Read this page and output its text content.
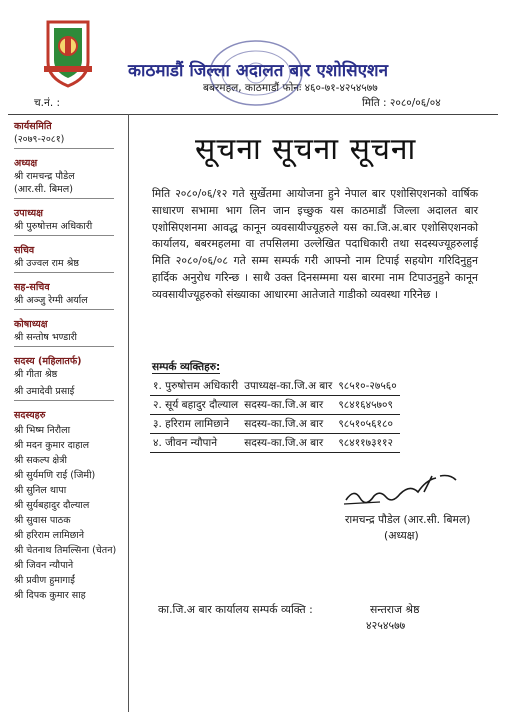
काठमाडौं जिल्ला अदालत बार एशोसिएशन
बबरमहल, काठमाडौं फोनः ४६०-७१-४२५४५७७
च.नं. :	मिति : २०८०/०६/०४
कार्यसमिति
(२०७९-२०८१)
अध्यक्ष
श्री रामचन्द्र पौडेल
(आर.सी. बिमल)
उपाध्यक्ष
श्री पुरुषोत्तम अधिकारी
सचिव
श्री उज्वल राम श्रेष्ठ
सह-सचिव
श्री अञ्जु रेग्मी अर्याल
कोषाध्यक्ष
श्री सन्तोष भण्डारी
सदस्य (महिलातर्फ)
श्री गीता श्रेष्ठ
श्री उमादेवी प्रसाई
सदस्यहरु
श्री भिष्म निरौला
श्री मदन कुमार दाहाल
श्री सकल्प क्षेत्री
श्री सुर्यमणि राई (जिमी)
श्री सुनिल थापा
श्री सुर्यबहादुर दौल्याल
श्री सुवास पाठक
श्री हरिराम लामिछाने
श्री चेतनाथ तिमल्सिना (चेतन)
श्री जिवन न्यौपाने
श्री प्रवीण हुमागाईं
श्री दिपक कुमार साह
सूचना सूचना सूचना
मिति २०८०/०६/१२ गते सुर्खेतमा आयोजना हुने नेपाल बार एशोसिएशनको वार्षिक साधारण सभामा भाग लिन जान इच्छुक यस काठमाडौं जिल्ला अदालत बार एशोसिएशनमा आवद्ध कानून व्यवसायीज्यूहरुले यस का.जि.अ.बार एशोसिएशनको कार्यालय, बबरमहलमा वा तपसिलमा उल्लेखित पदाधिकारी तथा सदस्यज्यूहरुलाई मिति २०८०/०६/०८ गते सम्म सम्पर्क गरी आफ्नो नाम टिपाई सहयोग गरिदिनुहुन हार्दिक अनुरोध गरिन्छ । साथै उक्त दिनसम्ममा यस बारमा नाम टिपाउनुहुने कानून व्यवसायीज्यूहरुको संख्याका आधारमा आतेजाते गाडीको व्यवस्था गरिनेछ ।
सम्पर्क व्यक्तिहरु:
१. पुरुषोत्तम अधिकारी	उपाध्यक्ष-का.जि.अ बार	९८५१०-२७५६०
२. सूर्य बहादुर दौल्याल	सदस्य-का.जि.अ बार	९८४१६४५७०९
३. हरिराम लामिछाने	सदस्य-का.जि.अ बार	९८५१०५६१८०
४. जीवन न्यौपाने	सदस्य-का.जि.अ बार	९८४११७३११२
रामचन्द्र पौडेल (आर.सी. बिमल)
(अध्यक्ष)
का.जि.अ बार कार्यालय सम्पर्क व्यक्ति :	सन्तराज श्रेष्ठ
४२५४५७७
